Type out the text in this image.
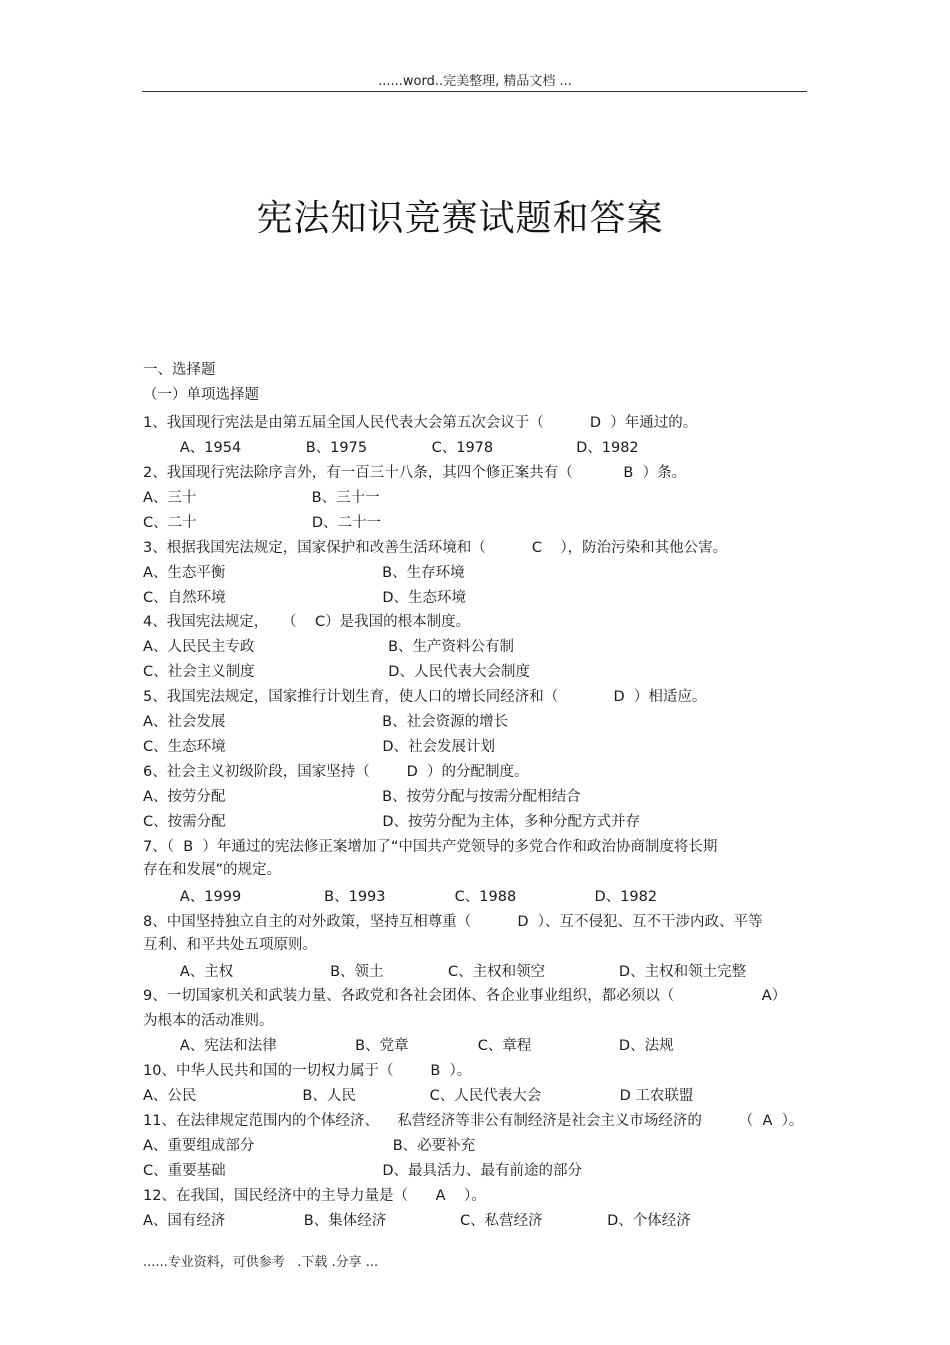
......word..完美整理, 精品文档 ...
宪法知识竞赛试题和答案
一、选择题
（一）单项选择题
1、我国现行宪法是由第五届全国人民代表大会第五次会议于（          D  ）年通过的。
A、1954              B、1975              C、1978                  D、1982
2、我国现行宪法除序言外，有一百三十八条，其四个修正案共有（           B  ）条。
A、三十                         B、三十一
C、二十                         D、二十一
3、根据我国宪法规定，国家保护和改善生活环境和（          C    ），防治污染和其他公害。
A、生态平衡                                  B、生存环境
C、自然环境                                  D、生态环境
4、我国宪法规定，   （    C）是我国的根本制度。
A、人民民主专政                             B、生产资料公有制
C、社会主义制度                             D、人民代表大会制度
5、我国宪法规定，国家推行计划生育，使人口的增长同经济和（            D  ）相适应。
A、社会发展                                  B、社会资源的增长
C、生态环境                                  D、社会发展计划
6、社会主义初级阶段，国家坚持（        D  ）的分配制度。
A、按劳分配                                  B、按劳分配与按需分配相结合
C、按需分配                                  D、按劳分配为主体，多种分配方式并存
7、（  B  ）年通过的宪法修正案增加了“中国共产党领导的多党合作和政治协商制度将长期
存在和发展”的规定。
A、1999                  B、1993               C、1988                 D、1982
8、中国坚持独立自主的对外政策，坚持互相尊重（          D  ）、互不侵犯、互不干涉内政、平等
互利、和平共处五项原则。
A、主权                     B、领土              C、主权和领空                D、主权和领土完整
9、一切国家机关和武装力量、各政党和各社会团体、各企业事业组织，都必须以（                   A）
为根本的活动准则。
A、宪法和法律                 B、党章               C、章程                   D、法规
10、中华人民共和国的一切权力属于（        B  ）。
A、公民                       B、人民                C、人民代表大会                 D 工农联盟
11、在法律规定范围内的个体经济、    私营经济等非公有制经济是社会主义市场经济的        （  A  ）。
A、重要组成部分                              B、必要补充
C、重要基础                                  D、最具活力、最有前途的部分
12、在我国，国民经济中的主导力量是（      A    ）。
A、国有经济                 B、集体经济                C、私营经济              D、个体经济
......专业资料，可供参考   .下载 .分享 ...
